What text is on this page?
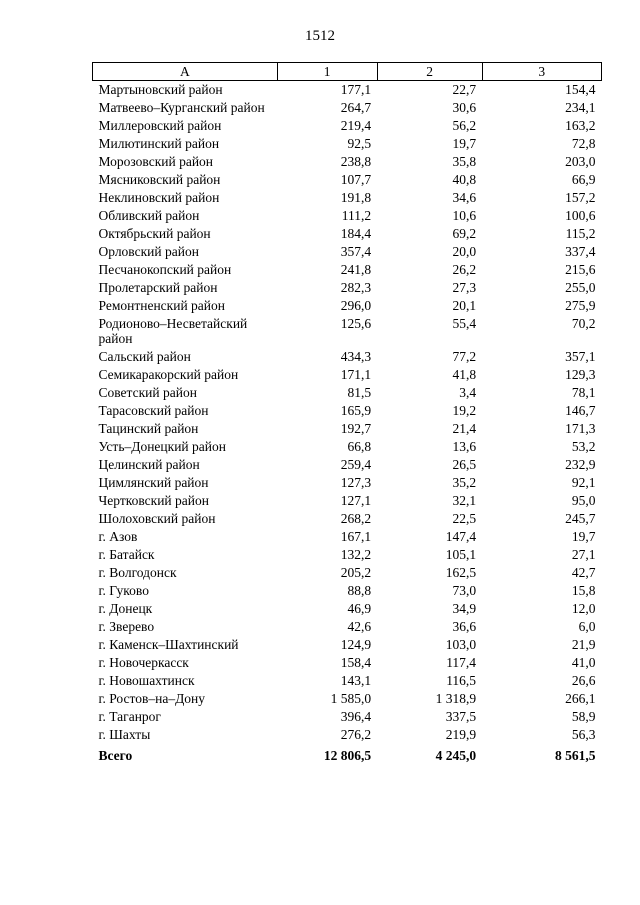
1512
А	1	2	3
Мартыновский район	177,1	22,7	154,4
Матвеево–Курганский район	264,7	30,6	234,1
Миллеровский район	219,4	56,2	163,2
Милютинский район	92,5	19,7	72,8
Морозовский район	238,8	35,8	203,0
Мясниковский район	107,7	40,8	66,9
Неклиновский район	191,8	34,6	157,2
Обливский район	111,2	10,6	100,6
Октябрьский район	184,4	69,2	115,2
Орловский район	357,4	20,0	337,4
Песчанокопский район	241,8	26,2	215,6
Пролетарский район	282,3	27,3	255,0
Ремонтненский район	296,0	20,1	275,9
Родионово–Несветайский район	125,6	55,4	70,2
Сальский район	434,3	77,2	357,1
Семикаракорский район	171,1	41,8	129,3
Советский район	81,5	3,4	78,1
Тарасовский район	165,9	19,2	146,7
Тацинский район	192,7	21,4	171,3
Усть–Донецкий район	66,8	13,6	53,2
Целинский район	259,4	26,5	232,9
Цимлянский район	127,3	35,2	92,1
Чертковский район	127,1	32,1	95,0
Шолоховский район	268,2	22,5	245,7
г. Азов	167,1	147,4	19,7
г. Батайск	132,2	105,1	27,1
г. Волгодонск	205,2	162,5	42,7
г. Гуково	88,8	73,0	15,8
г. Донецк	46,9	34,9	12,0
г. Зверево	42,6	36,6	6,0
г. Каменск–Шахтинский	124,9	103,0	21,9
г. Новочеркасск	158,4	117,4	41,0
г. Новошахтинск	143,1	116,5	26,6
г. Ростов–на–Дону	1 585,0	1 318,9	266,1
г. Таганрог	396,4	337,5	58,9
г. Шахты	276,2	219,9	56,3
Всего	12 806,5	4 245,0	8 561,5
